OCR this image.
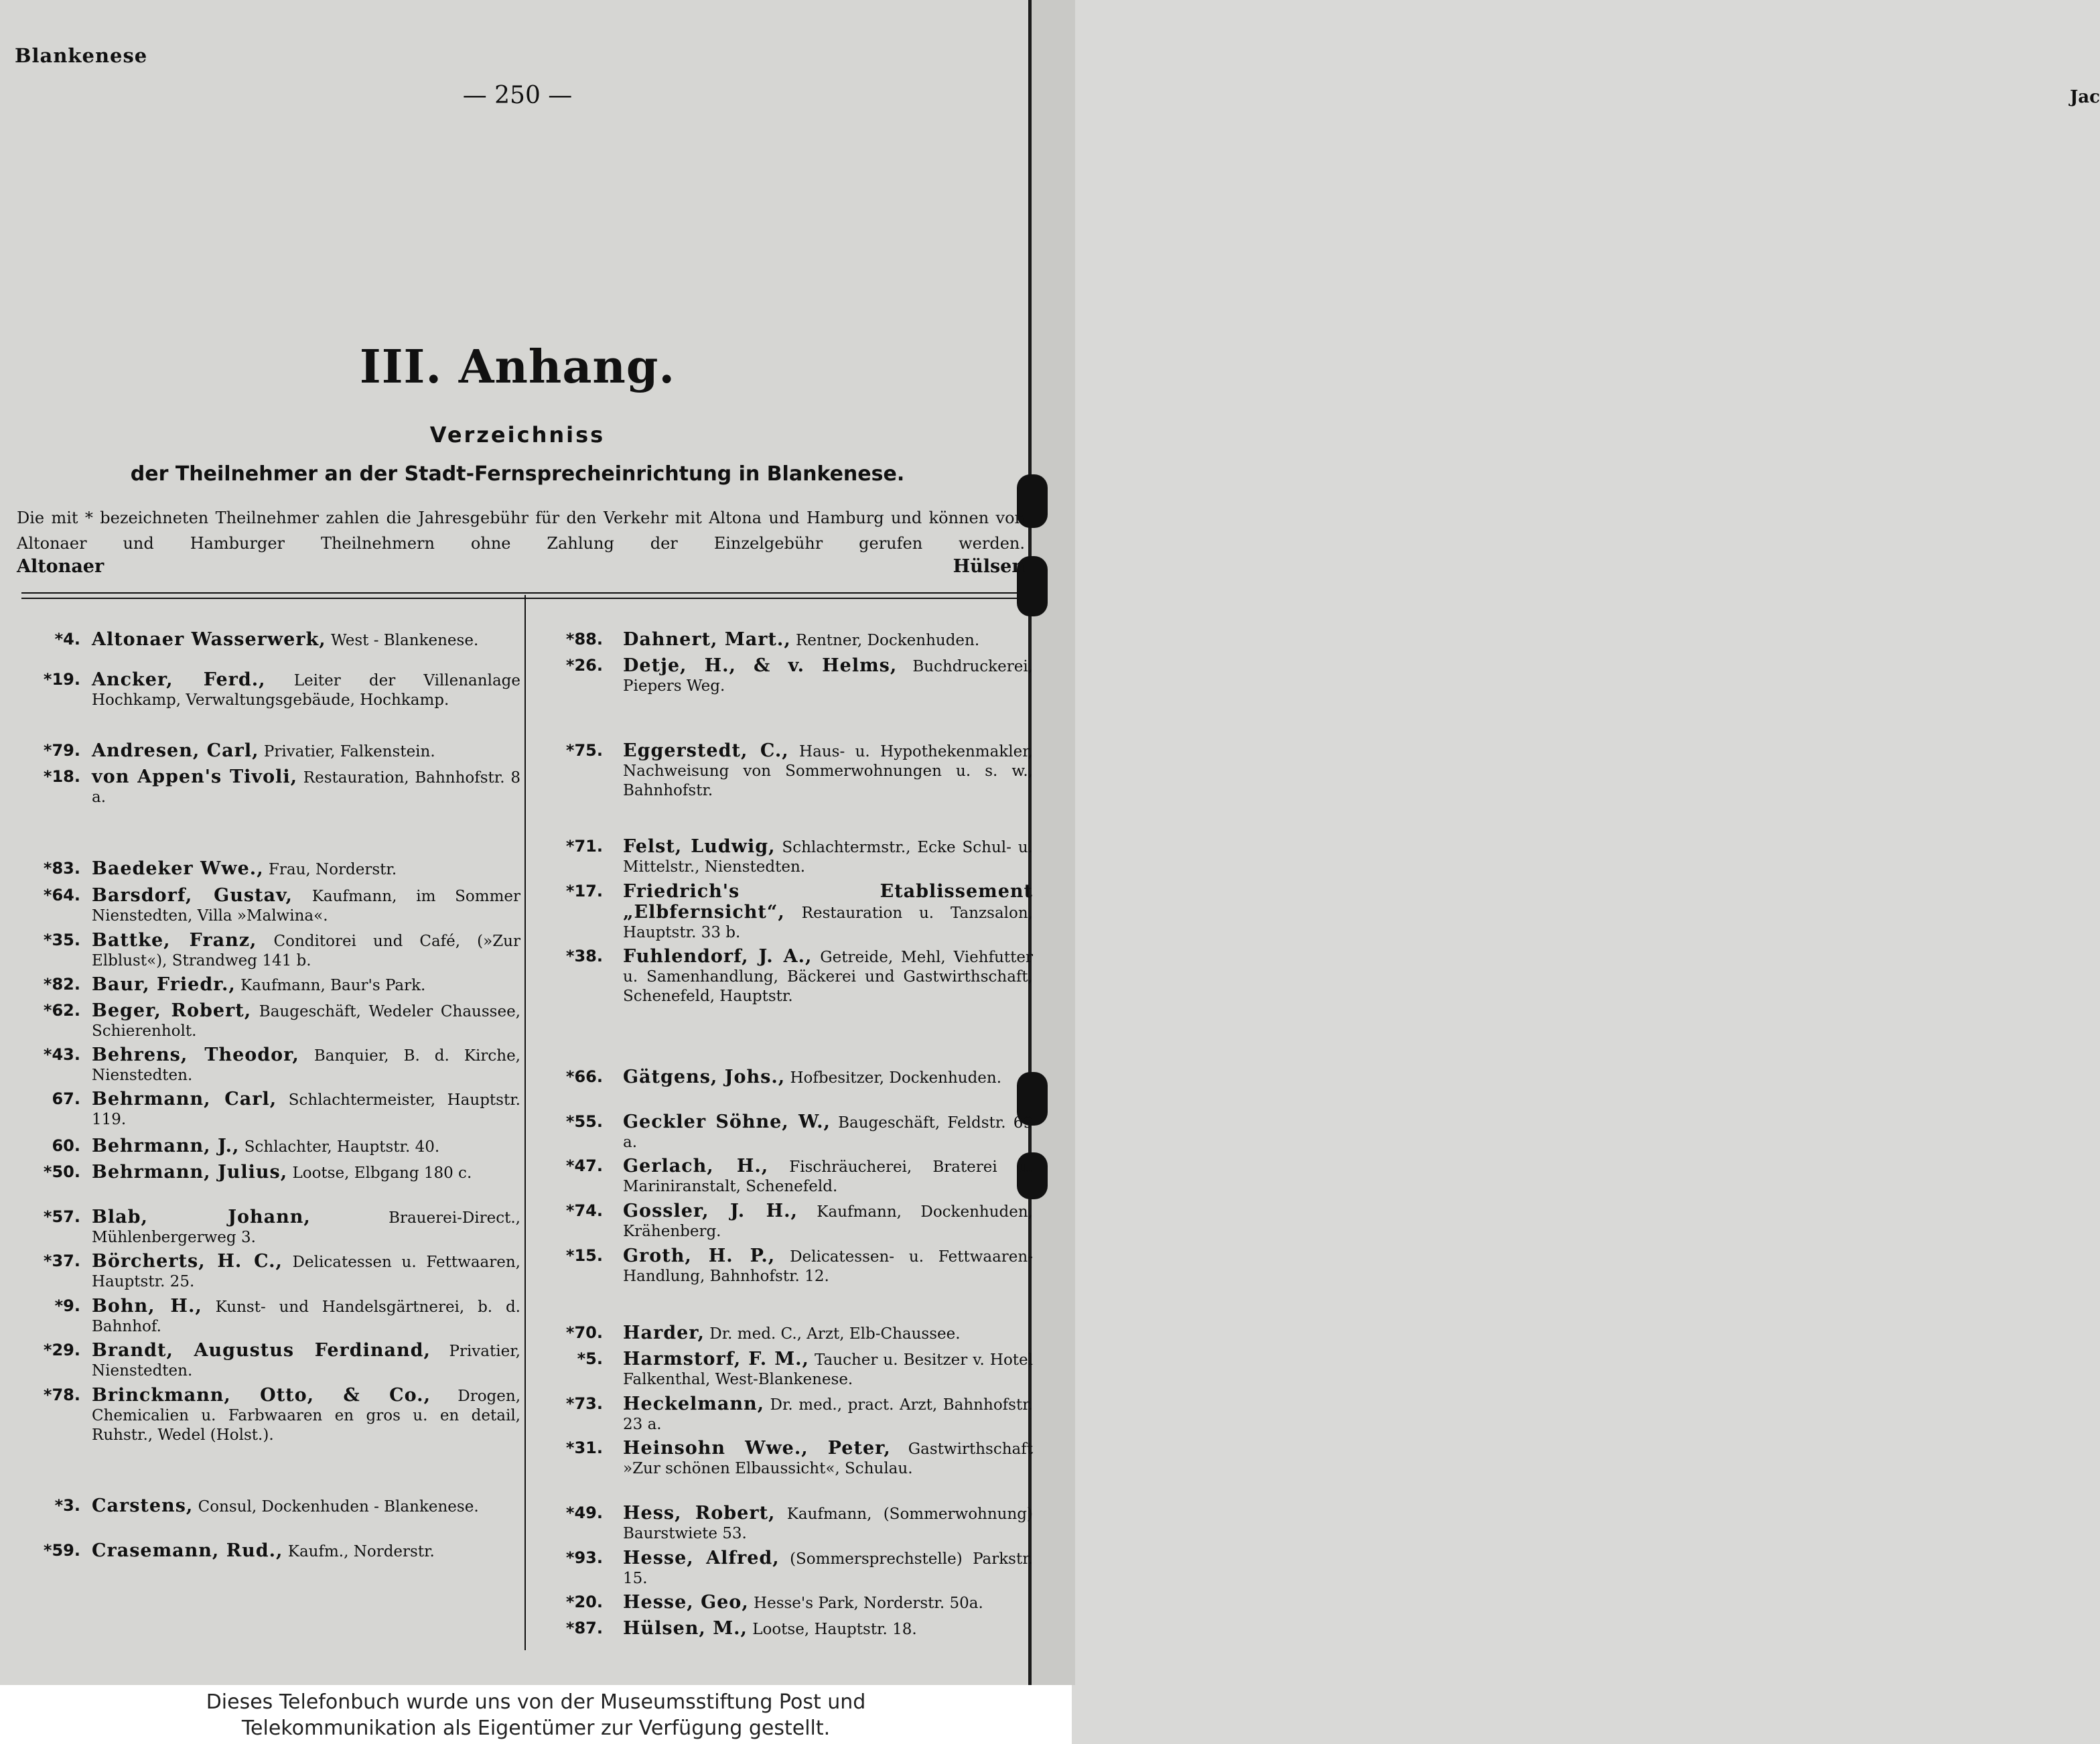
Jac
Blankenese
— 250 —
III. Anhang.
Verzeichniss
der Theilnehmer an der Stadt-Fernsprecheinrichtung in Blankenese.
Die mit * bezeichneten Theilnehmer zahlen die Jahresgebühr für den Verkehr mit Altona und Hamburg und können von Altonaer und Hamburger Theilnehmern ohne Zahlung der Einzelgebühr gerufen werden.
Altonaer	Hülsen
*4. Altonaer Wasserwerk, West - Blankenese.
*19. Ancker, Ferd., Leiter der Villenanlage Hochkamp, Verwaltungsgebäude, Hochkamp.
*79. Andresen, Carl, Privatier, Falkenstein.
*18. von Appen's Tivoli, Restauration, Bahnhofstr. 8 a.
*83. Baedeker Wwe., Frau, Norderstr.
*64. Barsdorf, Gustav, Kaufmann, im Sommer Nienstedten, Villa »Malwina«.
*35. Battke, Franz, Conditorei und Café, (»Zur Elblust«), Strandweg 141 b.
*82. Baur, Friedr., Kaufmann, Baur's Park.
*62. Beger, Robert, Baugeschäft, Wedeler Chaussee, Schierenholt.
*43. Behrens, Theodor, Banquier, B. d. Kirche, Nienstedten.
67. Behrmann, Carl, Schlachtermeister, Hauptstr. 119.
60. Behrmann, J., Schlachter, Hauptstr. 40.
*50. Behrmann, Julius, Lootse, Elbgang 180 c.
*57. Blab, Johann, Brauerei-Direct., Mühlenbergerweg 3.
*37. Börcherts, H. C., Delicatessen u. Fettwaaren, Hauptstr. 25.
*9. Bohn, H., Kunst- und Handelsgärtnerei, b. d. Bahnhof.
*29. Brandt, Augustus Ferdinand, Privatier, Nienstedten.
*78. Brinckmann, Otto, & Co., Drogen, Chemicalien u. Farbwaaren en gros u. en detail, Ruhstr., Wedel (Holst.).
*3. Carstens, Consul, Dockenhuden - Blankenese.
*59. Crasemann, Rud., Kaufm., Norderstr.
*88. Dahnert, Mart., Rentner, Dockenhuden.
*26. Detje, H., & v. Helms, Buchdruckerei, Piepers Weg.
*75. Eggerstedt, C., Haus- u. Hypothekenmakler, Nachweisung von Sommerwohnungen u. s. w., Bahnhofstr.
*71. Felst, Ludwig, Schlachtermstr., Ecke Schul- u. Mittelstr., Nienstedten.
*17. Friedrich's Etablissement „Elbfernsicht“, Restauration u. Tanzsalon, Hauptstr. 33 b.
*38. Fuhlendorf, J. A., Getreide, Mehl, Viehfutter u. Samenhandlung, Bäckerei und Gastwirthschaft, Schenefeld, Hauptstr.
*66. Gätgens, Johs., Hofbesitzer, Dockenhuden.
*55. Geckler Söhne, W., Baugeschäft, Feldstr. 69 a.
*47. Gerlach, H., Fischräucherei, Braterei u. Mariniranstalt, Schenefeld.
*74. Gossler, J. H., Kaufmann, Dockenhuden, Krähenberg.
*15. Groth, H. P., Delicatessen- u. Fettwaaren-Handlung, Bahnhofstr. 12.
*70. Harder, Dr. med. C., Arzt, Elb-Chaussee.
*5. Harmstorf, F. M., Taucher u. Besitzer v. Hotel Falkenthal, West-Blankenese.
*73. Heckelmann, Dr. med., pract. Arzt, Bahnhofstr. 23 a.
*31. Heinsohn Wwe., Peter, Gastwirthschaft »Zur schönen Elbaussicht«, Schulau.
*49. Hess, Robert, Kaufmann, (Sommerwohnung) Baurstwiete 53.
*93. Hesse, Alfred, (Sommersprechstelle) Parkstr. 15.
*20. Hesse, Geo, Hesse's Park, Norderstr. 50a.
*87. Hülsen, M., Lootse, Hauptstr. 18.
Dieses Telefonbuch wurde uns von der Museumsstiftung Post und
Telekommunikation als Eigentümer zur Verfügung gestellt.
